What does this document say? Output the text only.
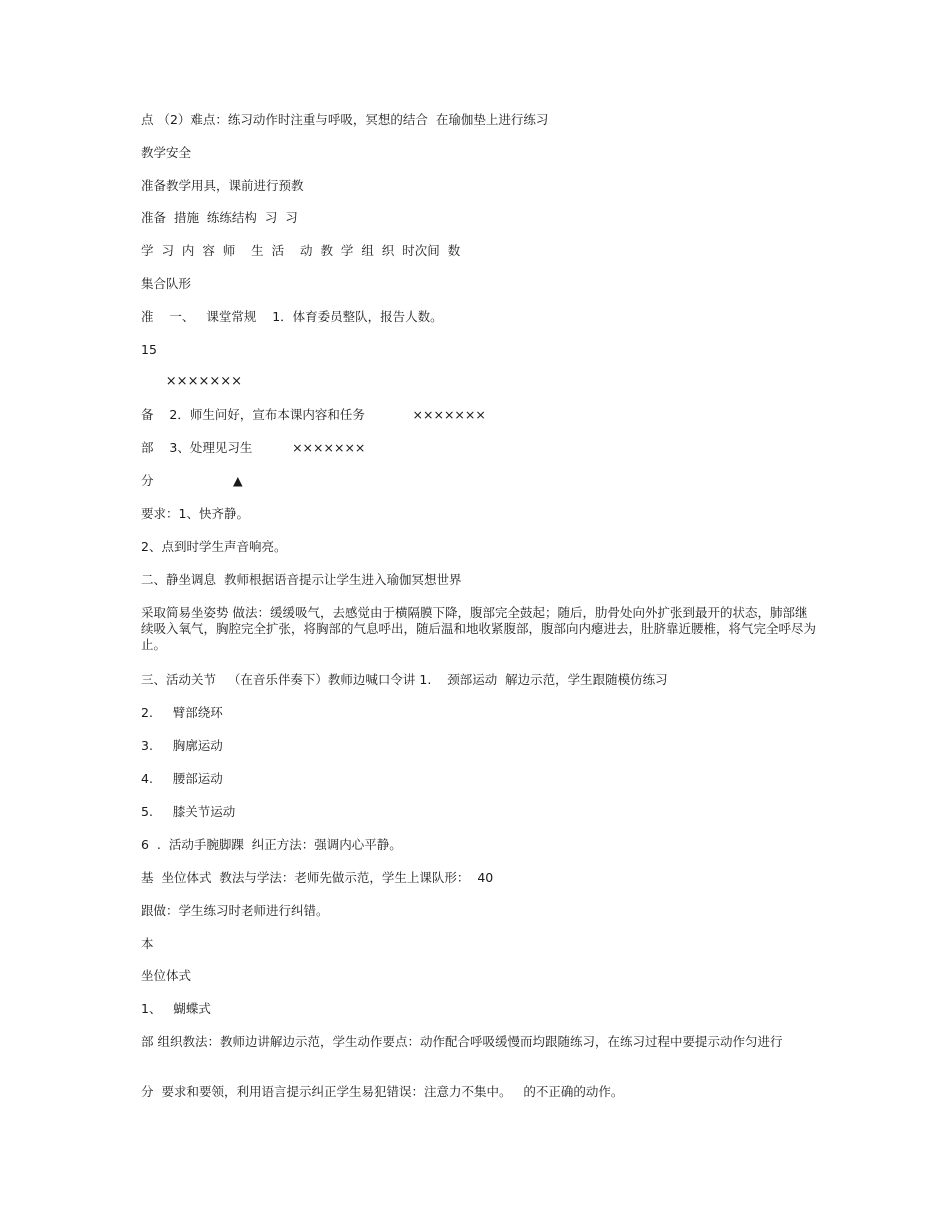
点 （2）难点：练习动作时注重与呼吸，冥想的结合  在瑜伽垫上进行练习
教学安全
准备教学用具，课前进行预教
准备  措施  练练结构  习  习
学  习  内  容  师    生  活    动  教  学  组  织  时次间  数
集合队形
准    一、   课堂常规    1．体育委员整队，报告人数。
15
×××××××
备    2．师生问好，宣布本课内容和任务            ×××××××
部    3、处理见习生          ×××××××
分                    ▲
要求：1、快齐静。
2、点到时学生声音响亮。
二、静坐调息  教师根据语音提示让学生进入瑜伽冥想世界
采取简易坐姿势 做法：缓缓吸气，去感觉由于横隔膜下降，腹部完全鼓起；随后，肋骨处向外扩张到最开的状态，肺部继续吸入氧气，胸腔完全扩张，将胸部的气息呼出，随后温和地收紧腹部，腹部向内瘪进去，肚脐靠近腰椎，将气完全呼尽为止。
三、活动关节   （在音乐伴奏下）教师边喊口令讲 1.    颈部运动  解边示范，学生跟随模仿练习
2.     臂部绕环
3.     胸廓运动
4.     腰部运动
5.     膝关节运动
6  .  活动手腕脚踝  纠正方法：强调内心平静。
基  坐位体式  教法与学法：老师先做示范，学生上课队形：  40
跟做：学生练习时老师进行纠错。
本
坐位体式
1、   蝴蝶式
部 组织教法：教师边讲解边示范，学生动作要点：动作配合呼吸缓慢而均跟随练习，在练习过程中要提示动作匀进行
分  要求和要领，利用语言提示纠正学生易犯错误：注意力不集中。   的不正确的动作。
